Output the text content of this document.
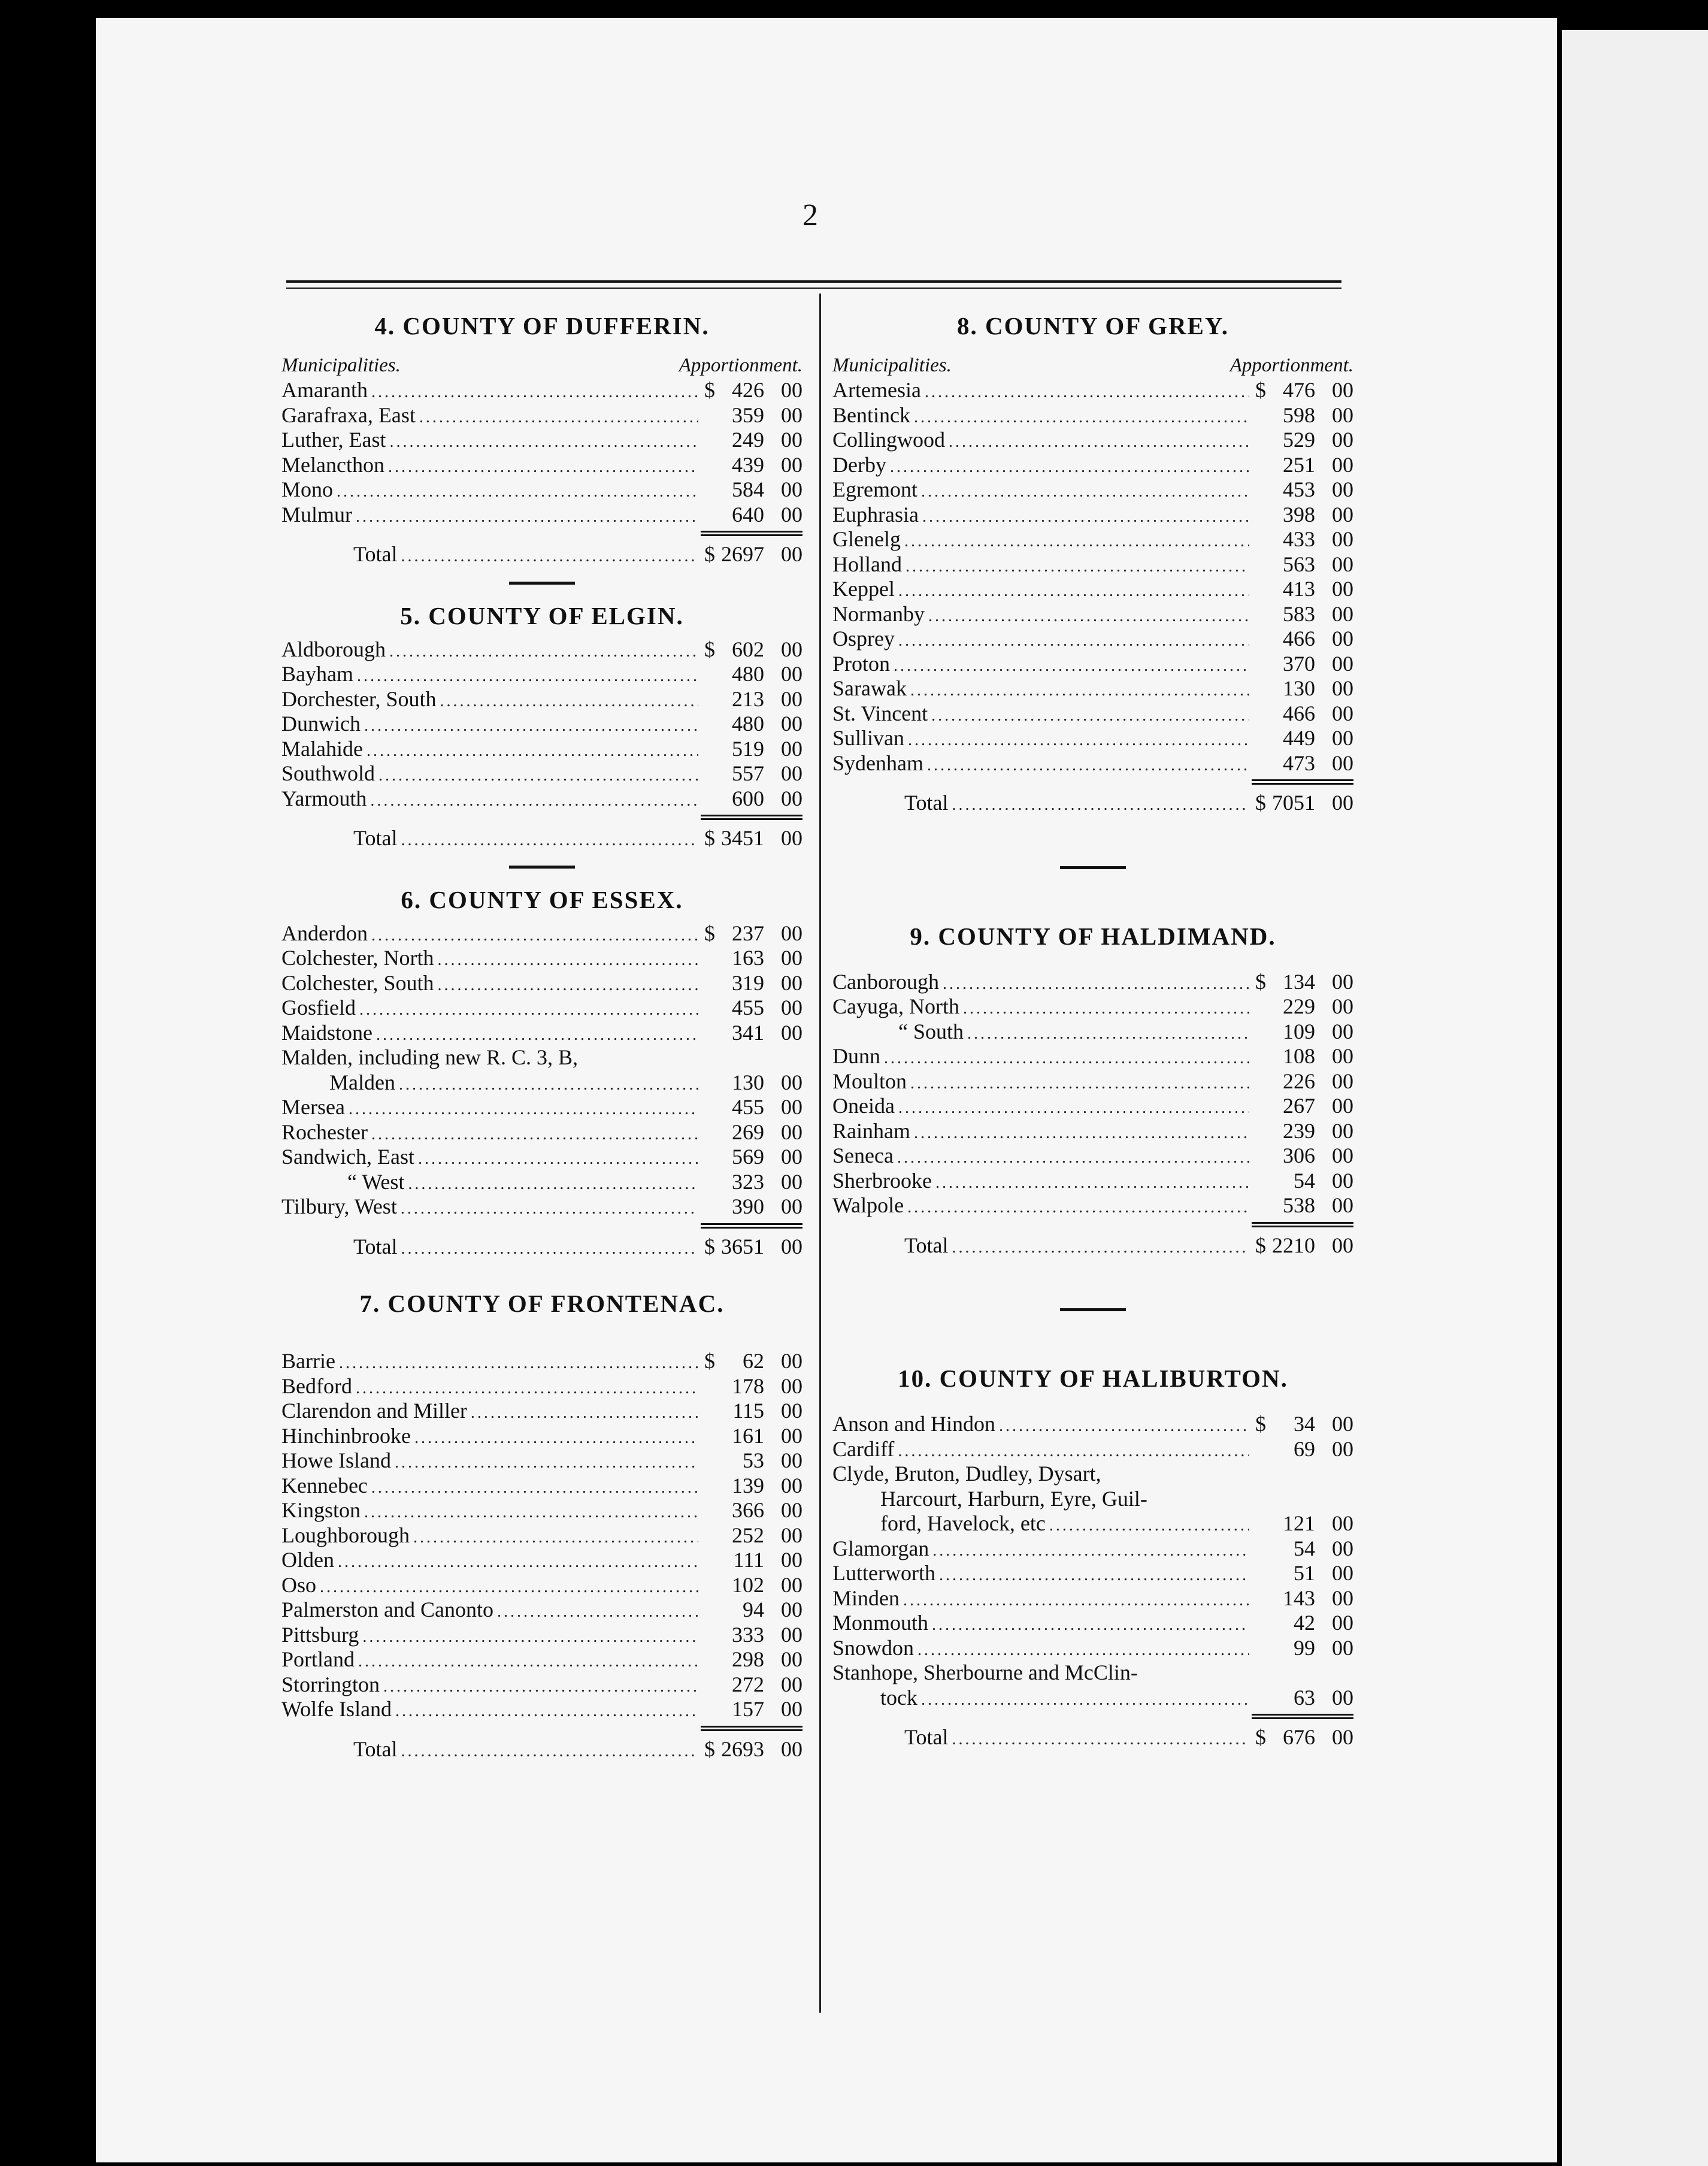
2
4. COUNTY OF DUFFERIN.
Municipalities.	Apportionment.
Amaranth .....	$ 426 00
Garafraxa, East .....	359 00
Luther, East .....	249 00
Melancthon .....	439 00
Mono .....	584 00
Mulmur .....	640 00
Total .....	$ 2697 00
5. COUNTY OF ELGIN.
Aldborough .....	$ 602 00
Bayham .....	480 00
Dorchester, South .....	213 00
Dunwich .....	480 00
Malahide .....	519 00
Southwold .....	557 00
Yarmouth .....	600 00
Total .....	$ 3451 00
6. COUNTY OF ESSEX.
Anderdon .....	$ 237 00
Colchester, North .....	163 00
Colchester, South .....	319 00
Gosfield .....	455 00
Maidstone .....	341 00
Malden, including new R. C. 3, B,
Malden .....	130 00
Mersea .....	455 00
Rochester .....	269 00
Sandwich, East .....	569 00
“ West .....	323 00
Tilbury, West .....	390 00
Total .....	$ 3651 00
7. COUNTY OF FRONTENAC.
Barrie .....	$	62 00
Bedford .....	178 00
Clarendon and Miller .....	115 00
Hinchinbrooke .....	161 00
Howe Island .....	53 00
Kennebec .....	139 00
Kingston .....	366 00
Loughborough .....	252 00
Olden .....	111 00
Oso .....	102 00
Palmerston and Canonto .....	94 00
Pittsburg .....	333 00
Portland .....	298 00
Storrington .....	272 00
Wolfe Island .....	157 00
Total .....	$ 2693 00
8. COUNTY OF GREY.
Municipalities.	Apportionment.
Artemesia .....	$ 476 00
Bentinck .....	598 00
Collingwood .....	529 00
Derby .....	251 00
Egremont .....	453 00
Euphrasia .....	398 00
Glenelg .....	433 00
Holland .....	563 00
Keppel .....	413 00
Normanby .....	583 00
Osprey .....	466 00
Proton .....	370 00
Sarawak .....	130 00
St. Vincent .....	466 00
Sullivan .....	449 00
Sydenham .....	473 00
Total .....	$ 7051 00
9. COUNTY OF HALDIMAND.
Canborough .....	$ 134 00
Cayuga, North .....	229 00
“ South .....	109 00
Dunn .....	108 00
Moulton .....	226 00
Oneida .....	267 00
Rainham .....	239 00
Seneca .....	306 00
Sherbrooke .....	54 00
Walpole .....	538 00
Total .....	$ 2210 00
10. COUNTY OF HALIBURTON.
Anson and Hindon .....	$	34 00
Cardiff .....	69 00
Clyde, Bruton, Dudley, Dysart,
Harcourt, Harburn, Eyre, Guil-
ford, Havelock, etc .....	121 00
Glamorgan .....	54 00
Lutterworth .....	51 00
Minden .....	143 00
Monmouth .....	42 00
Snowdon .....	99 00
Stanhope, Sherbourne and McClin-
tock .....	63 00
Total .....	$ 676 00
